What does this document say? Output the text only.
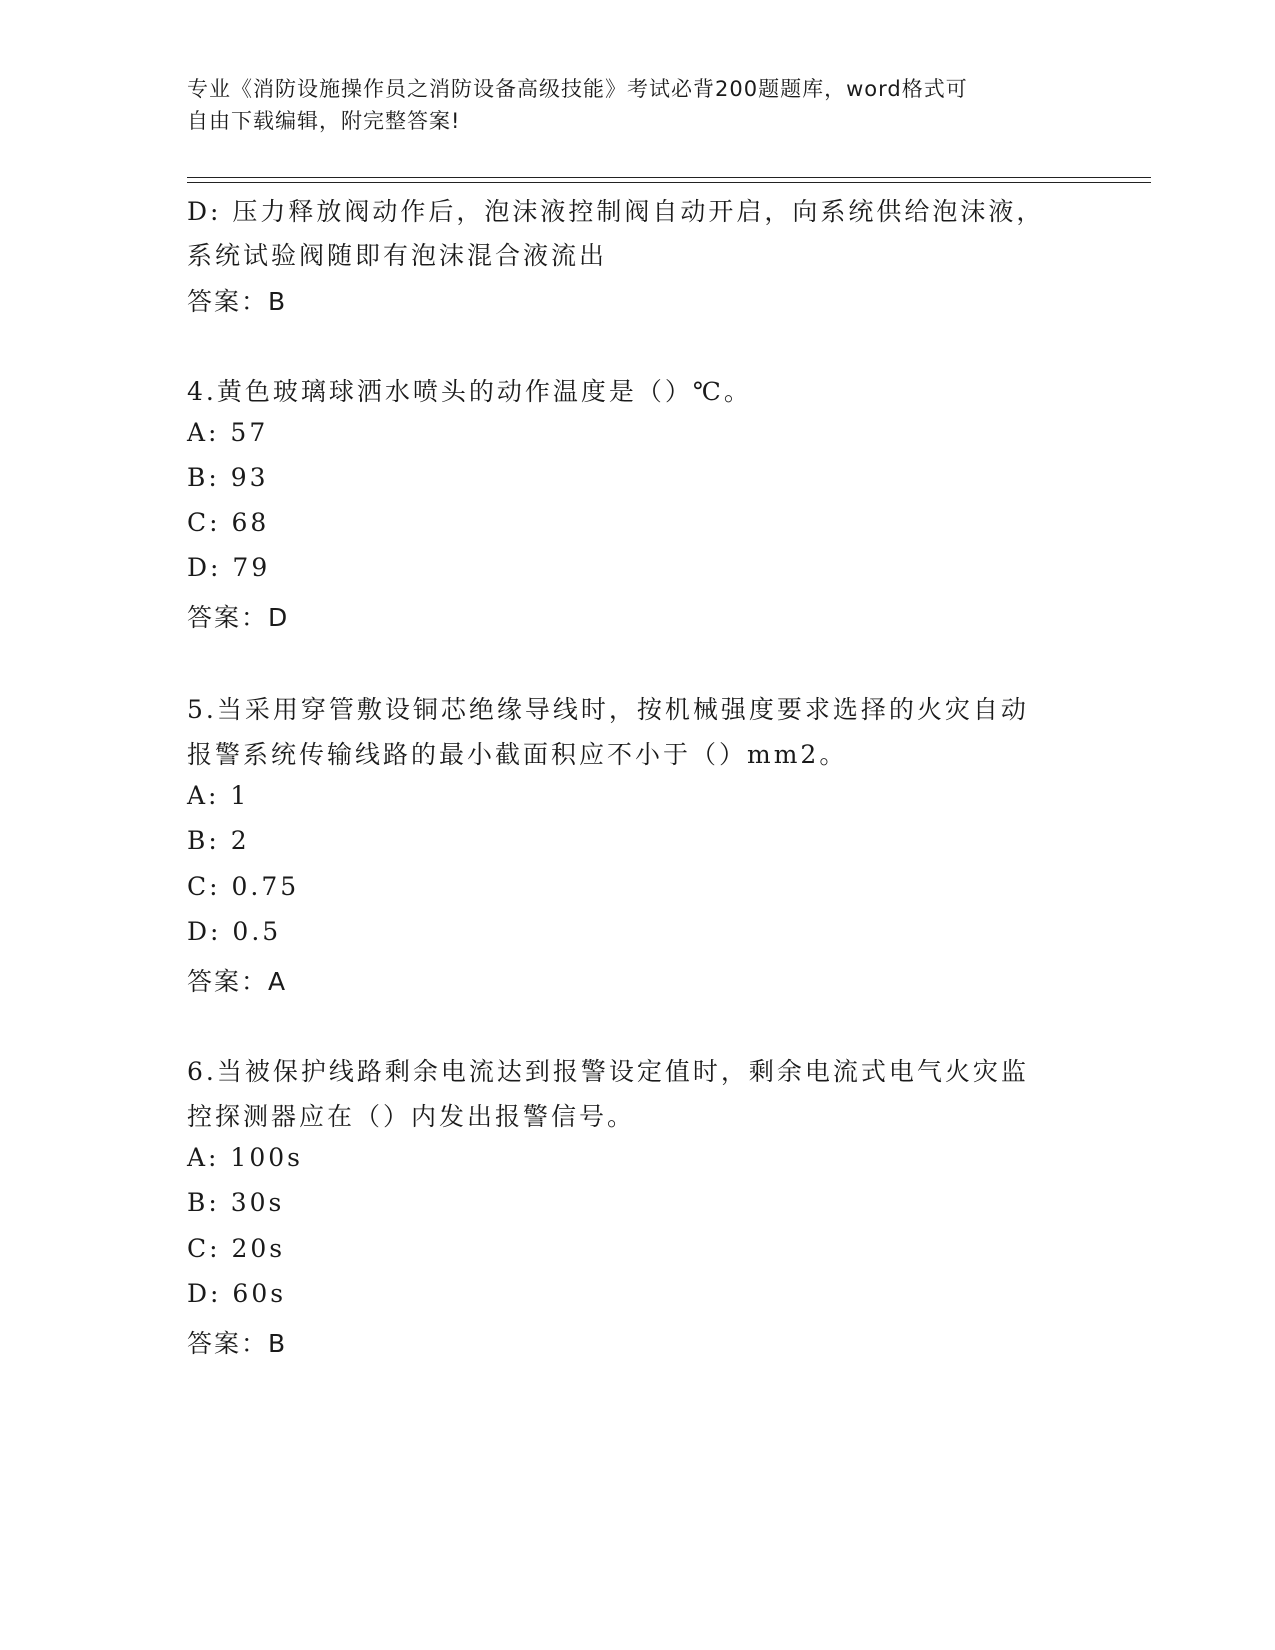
专业《消防设施操作员之消防设备高级技能》考试必背200题题库，word格式可
自由下载编辑，附完整答案!
D: 压力释放阀动作后，泡沫液控制阀自动开启，向系统供给泡沫液，
系统试验阀随即有泡沫混合液流出
答案：B
4.黄色玻璃球洒水喷头的动作温度是（）℃。
A: 57
B: 93
C: 68
D: 79
答案：D
5.当采用穿管敷设铜芯绝缘导线时，按机械强度要求选择的火灾自动
报警系统传输线路的最小截面积应不小于（）mm2。
A: 1
B: 2
C: 0.75
D: 0.5
答案：A
6.当被保护线路剩余电流达到报警设定值时，剩余电流式电气火灾监
控探测器应在（）内发出报警信号。
A: 100s
B: 30s
C: 20s
D: 60s
答案：B
